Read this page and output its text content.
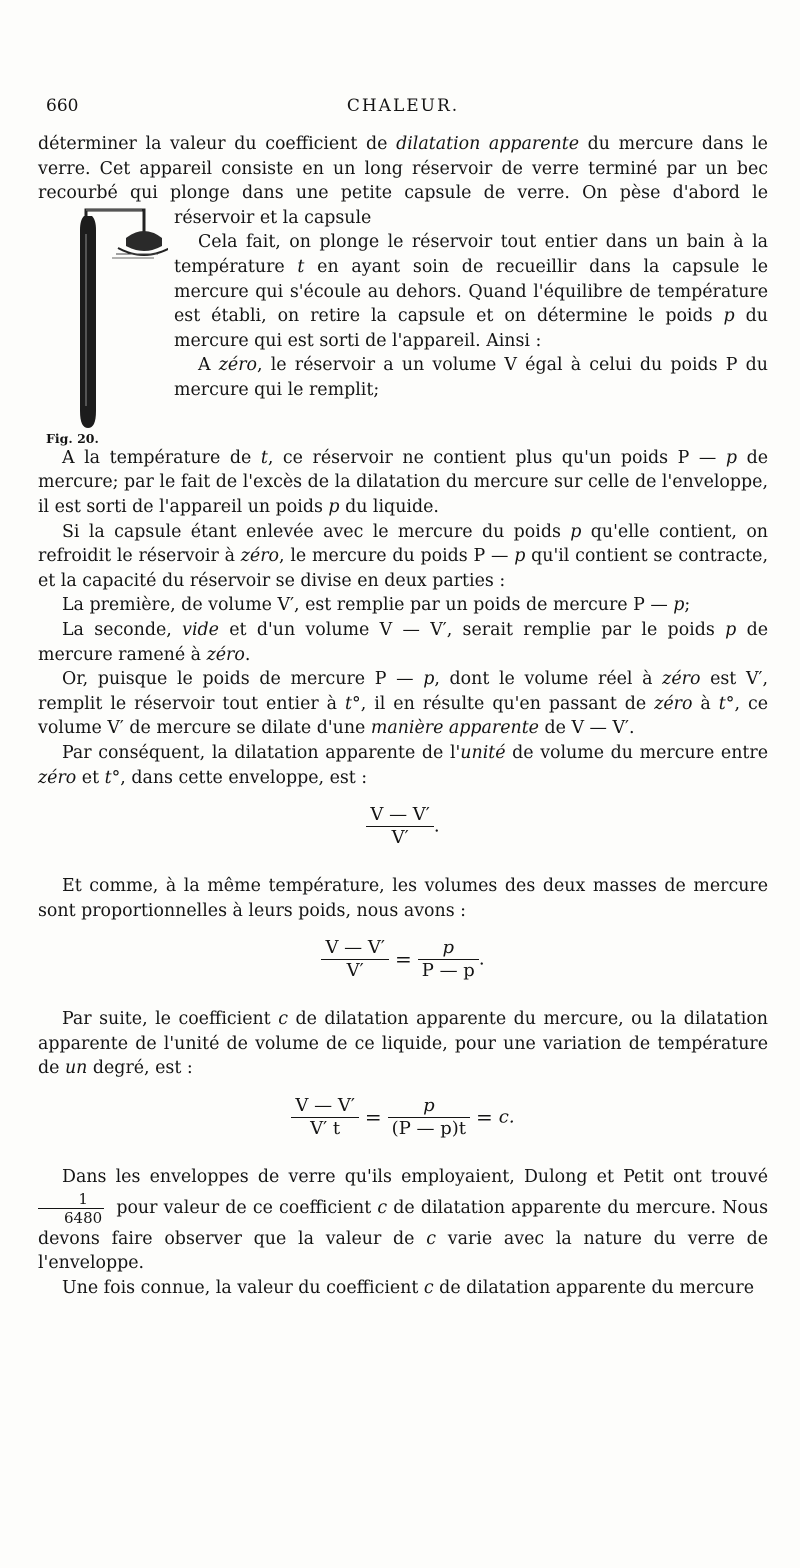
660	CHALEUR.

déterminer la valeur du coefficient de dilatation apparente du mercure dans le verre. Cet appareil consiste en un long réservoir de verre terminé par un bec recourbé qui plonge dans une petite capsule de verre. On pèse d'abord le réservoir et la capsule
Fig. 20.

Cela fait, on plonge le réservoir tout entier dans un bain à la température t en ayant soin de recueillir dans la capsule le mercure qui s'écoule au dehors. Quand l'équilibre de température est établi, on retire la capsule et on détermine le poids p du mercure qui est sorti de l'appareil. Ainsi :

A zéro, le réservoir a un volume V égal à celui du poids P du mercure qui le remplit;

A la température de t, ce réservoir ne contient plus qu'un poids P — p de mercure; par le fait de l'excès de la dilatation du mercure sur celle de l'enveloppe, il est sorti de l'appareil un poids p du liquide.

Si la capsule étant enlevée avec le mercure du poids p qu'elle contient, on refroidit le réservoir à zéro, le mercure du poids P — p qu'il contient se contracte, et la capacité du réservoir se divise en deux parties :

La première, de volume V′, est remplie par un poids de mercure P — p;

La seconde, vide et d'un volume V — V′, serait remplie par le poids p de mercure ramené à zéro.

Or, puisque le poids de mercure P — p, dont le volume réel à zéro est V′, remplit le réservoir tout entier à t°, il en résulte qu'en passant de zéro à t°, ce volume V′ de mercure se dilate d'une manière apparente de V — V′.

Par conséquent, la dilatation apparente de l'unité de volume du mercure entre zéro et t°, dans cette enveloppe, est :

$\frac{V — V'}{V'}$ .

Et comme, à la même température, les volumes des deux masses de mercure sont proportionnelles à leurs poids, nous avons :

$\frac{V — V'}{V'} = \frac{p}{P — p}$ .

Par suite, le coefficient c de dilatation apparente du mercure, ou la dilatation apparente de l'unité de volume de ce liquide, pour une variation de température de un degré, est :

$\frac{V — V'}{V' t} = \frac{p}{(P — p)t} = c$.

Dans les enveloppes de verre qu'ils employaient, Dulong et Petit ont trouvé
$\frac{1}{6480}$ pour valeur de ce coefficient c de dilatation apparente du mercure. Nous devons faire observer que la valeur de c varie avec la nature du verre de l'enveloppe.

Une fois connue, la valeur du coefficient c de dilatation apparente du mercure
